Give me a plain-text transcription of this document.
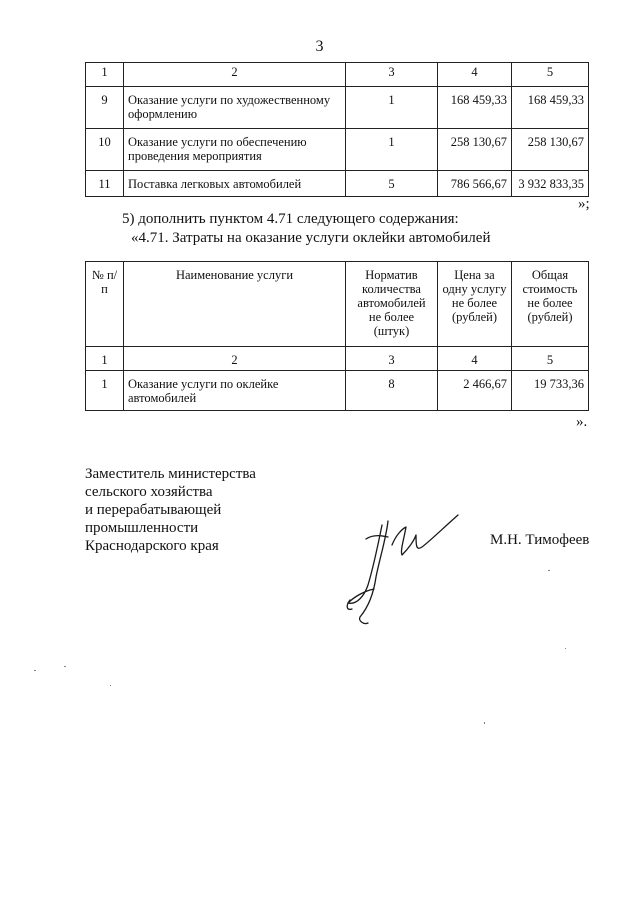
3
1	2	3	4	5
9	Оказание услуги по художественному оформлению	1	168 459,33	168 459,33
10	Оказание услуги по обеспечению проведения мероприятия	1	258 130,67	258 130,67
11	Поставка легковых автомобилей	5	786 566,67	3 932 833,35
»;
5) дополнить пунктом 4.71 следующего содержания:
«4.71. Затраты на оказание услуги оклейки автомобилей
№ п/п	Наименование услуги	Норматив количества автомобилей не более (штук)	Цена за одну услугу не более (рублей)	Общая стоимость не более (рублей)
1	2	3	4	5
1	Оказание услуги по оклейке автомобилей	8	2 466,67	19 733,36
».
Заместитель министерства
сельского хозяйства
и перерабатывающей
промышленности
Краснодарского края	М.Н. Тимофеев
